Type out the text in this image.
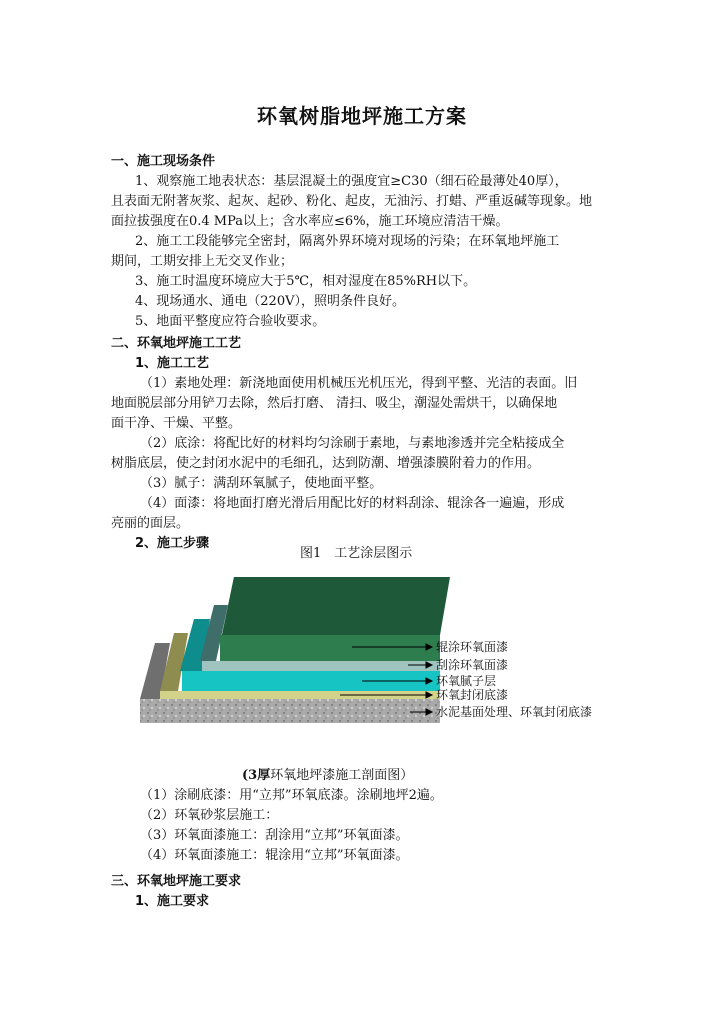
环氧树脂地坪施工方案
一、施工现场条件
1、观察施工地表状态：基层混凝土的强度宜≥C30（细石砼最薄处40厚），
且表面无附著灰浆、起灰、起砂、粉化、起皮，无油污、打蜡、严重返碱等现象。地
面拉拔强度在0.4 MPa以上；含水率应≤6%，施工环境应清洁干燥。
2、施工工段能够完全密封，隔离外界环境对现场的污染；在环氧地坪施工
期间，工期安排上无交叉作业；
3、施工时温度环境应大于5℃，相对湿度在85%RH以下。
4、现场通水、通电（220V），照明条件良好。
5、地面平整度应符合验收要求。
二、环氧地坪施工工艺
1、施工工艺
（1）素地处理：新浇地面使用机械压光机压光，得到平整、光洁的表面。旧
地面脱层部分用铲刀去除，然后打磨、 清扫、吸尘，潮湿处需烘干，以确保地
面干净、干燥、平整。
（2）底涂：将配比好的材料均匀涂刷于素地，与素地渗透并完全粘接成全
树脂底层，使之封闭水泥中的毛细孔，达到防潮、增强漆膜附着力的作用。
（3）腻子：满刮环氧腻子，使地面平整。
（4）面漆：将地面打磨光滑后用配比好的材料刮涂、辊涂各一遍遍，形成
亮丽的面层。
2、施工步骤
图1　工艺涂层图示
辊涂环氧面漆
刮涂环氧面漆
环氧腻子层
环氧封闭底漆
水泥基面处理、环氧封闭底漆
(3厚环氧地坪漆施工剖面图）
（1）涂刷底漆：用“立邦”环氧底漆。涂刷地坪2遍。
（2）环氧砂浆层施工：
（3）环氧面漆施工：刮涂用“立邦”环氧面漆。
（4）环氧面漆施工：辊涂用“立邦”环氧面漆。
三、环氧地坪施工要求
1、施工要求
